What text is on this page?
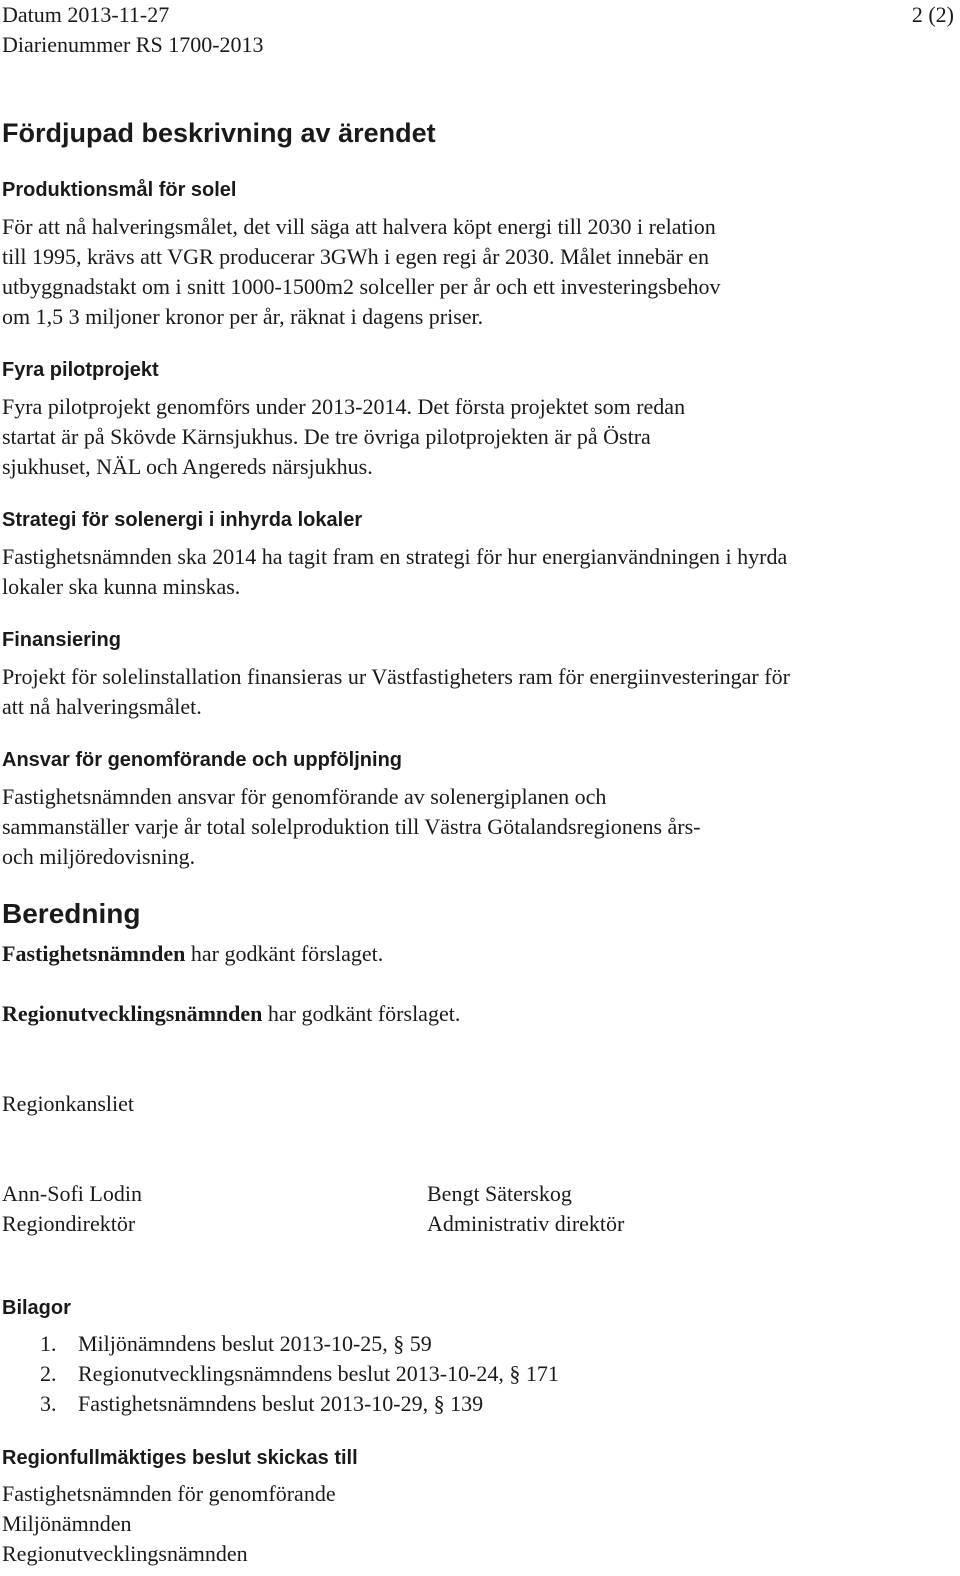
Datum 2013-11-27
Diarienummer RS 1700-2013
2 (2)
Fördjupad beskrivning av ärendet
Produktionsmål för solel
För att nå halveringsmålet, det vill säga att halvera köpt energi till 2030 i relation
till 1995, krävs att VGR producerar 3GWh i egen regi år 2030. Målet innebär en
utbyggnadstakt om i snitt 1000-1500m2 solceller per år och ett investeringsbehov
om 1,5 3 miljoner kronor per år, räknat i dagens priser.
Fyra pilotprojekt
Fyra pilotprojekt genomförs under 2013-2014. Det första projektet som redan
startat är på Skövde Kärnsjukhus. De tre övriga pilotprojekten är på Östra
sjukhuset, NÄL och Angereds närsjukhus.
Strategi för solenergi i inhyrda lokaler
Fastighetsnämnden ska 2014 ha tagit fram en strategi för hur energianvändningen i hyrda
lokaler ska kunna minskas.
Finansiering
Projekt för solelinstallation finansieras ur Västfastigheters ram för energiinvesteringar för
att nå halveringsmålet.
Ansvar för genomförande och uppföljning
Fastighetsnämnden ansvar för genomförande av solenergiplanen och
sammanställer varje år total solelproduktion till Västra Götalandsregionens års-
och miljöredovisning.
Beredning
Fastighetsnämnden har godkänt förslaget.
Regionutvecklingsnämnden har godkänt förslaget.
Regionkansliet
Ann-Sofi Lodin
Regiondirektör
Bengt Säterskog
Administrativ direktör
Bilagor
1. Miljönämndens beslut 2013-10-25, § 59
2. Regionutvecklingsnämndens beslut 2013-10-24, § 171
3. Fastighetsnämndens beslut 2013-10-29, § 139
Regionfullmäktiges beslut skickas till
Fastighetsnämnden för genomförande
Miljönämnden
Regionutvecklingsnämnden
